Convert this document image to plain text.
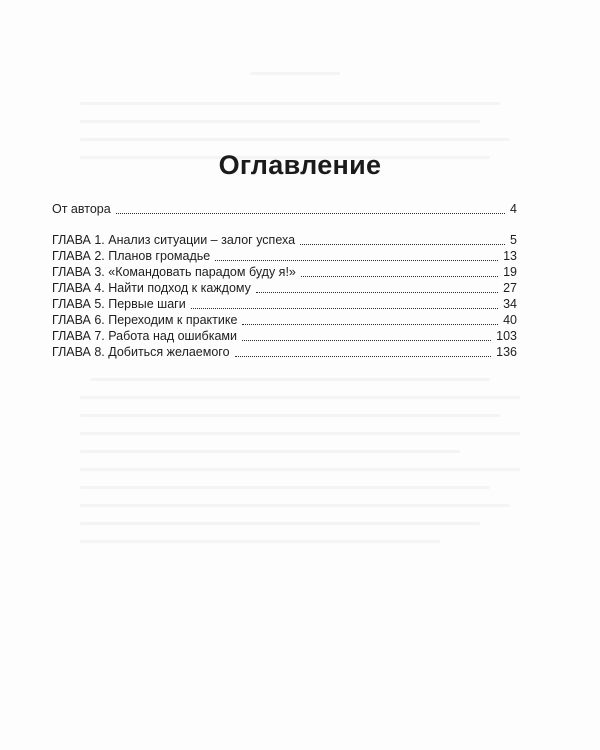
Оглавление
От автора	4
ГЛАВА 1. Анализ ситуации – залог успеха	5
ГЛАВА 2. Планов громадье	13
ГЛАВА 3. «Командовать парадом буду я!»	19
ГЛАВА 4. Найти подход к каждому	27
ГЛАВА 5. Первые шаги	34
ГЛАВА 6. Переходим к практике	40
ГЛАВА 7. Работа над ошибками	103
ГЛАВА 8. Добиться желаемого	136
